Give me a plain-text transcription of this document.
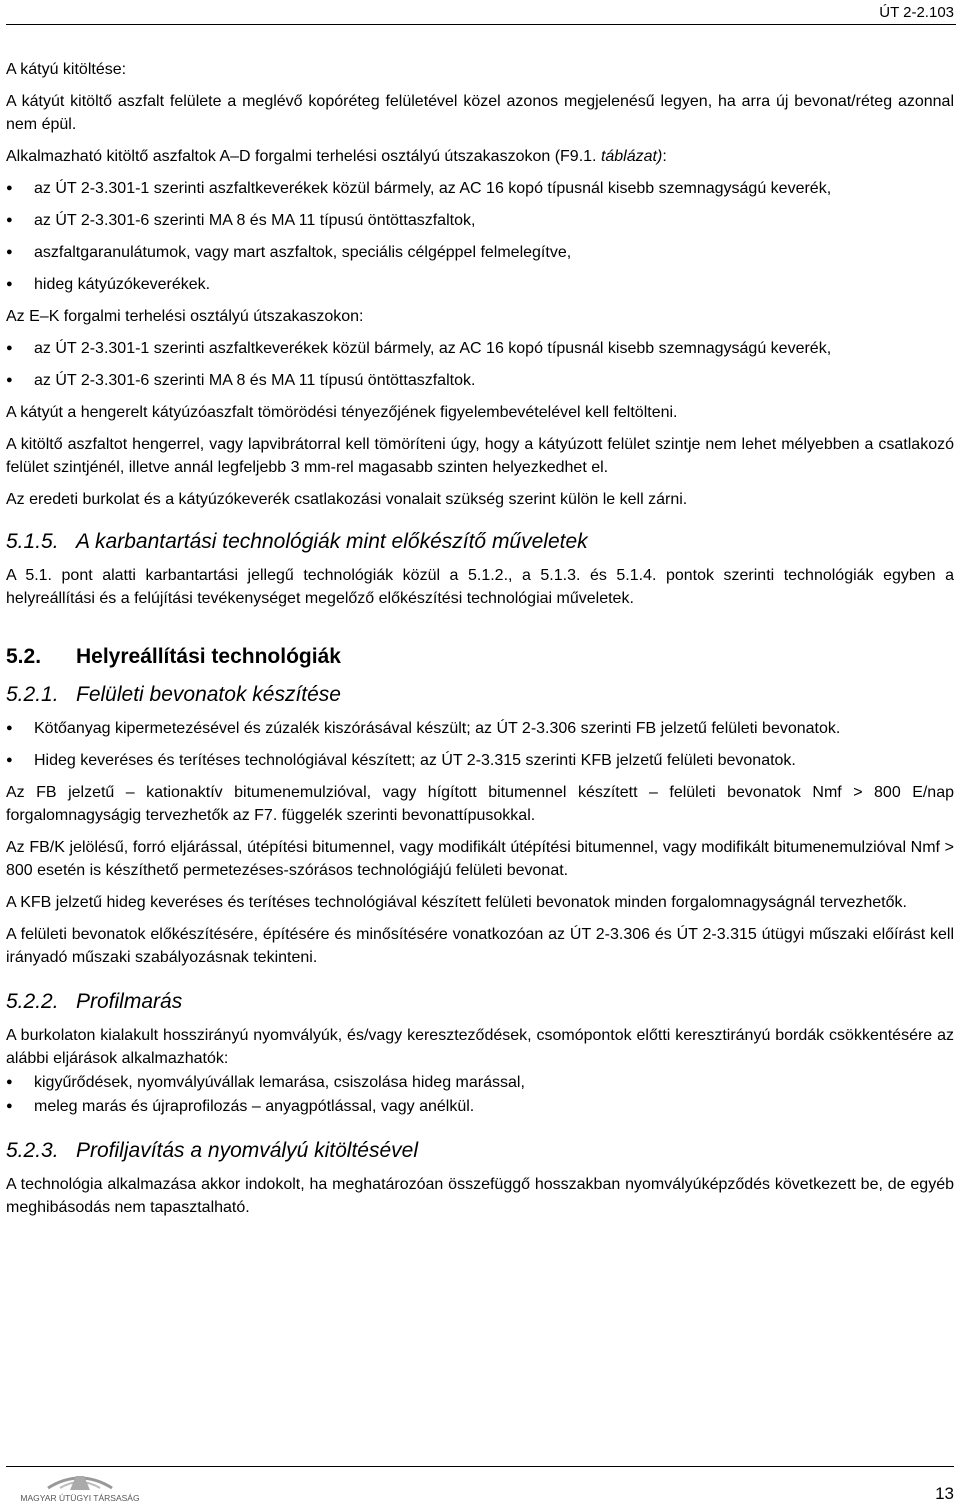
ÚT 2-2.103

A kátyú kitöltése:

A kátyút kitöltő aszfalt felülete a meglévő kopóréteg felületével közel azonos megjelenésű legyen, ha arra új bevonat/réteg azonnal nem épül.

Alkalmazható kitöltő aszfaltok A–D forgalmi terhelési osztályú útszakaszokon (F9.1. táblázat):

● az ÚT 2-3.301-1 szerinti aszfaltkeverékek közül bármely, az AC 16 kopó típusnál kisebb szemnagyságú keverék,
● az ÚT 2-3.301-6 szerinti MA 8 és MA 11 típusú öntöttaszfaltok,
● aszfaltgaranulátumok, vagy mart aszfaltok, speciális célgéppel felmelegítve,
● hideg kátyúzókeverékek.

Az E–K forgalmi terhelési osztályú útszakaszokon:

● az ÚT 2-3.301-1 szerinti aszfaltkeverékek közül bármely, az AC 16 kopó típusnál kisebb szemnagyságú keverék,
● az ÚT 2-3.301-6 szerinti MA 8 és MA 11 típusú öntöttaszfaltok.

A kátyút a hengerelt kátyúzóaszfalt tömörödési tényezőjének figyelembevételével kell feltölteni.

A kitöltő aszfaltot hengerrel, vagy lapvibrátorral kell tömöríteni úgy, hogy a kátyúzott felület szintje nem lehet mélyebben a csatlakozó felület szintjénél, illetve annál legfeljebb 3 mm-rel magasabb szinten helyezkedhet el.

Az eredeti burkolat és a kátyúzókeverék csatlakozási vonalait szükség szerint külön le kell zárni.

5.1.5. A karbantartási technológiák mint előkészítő műveletek

A 5.1. pont alatti karbantartási jellegű technológiák közül a 5.1.2., a 5.1.3. és 5.1.4. pontok szerinti technológiák egyben a helyreállítási és a felújítási tevékenységet megelőző előkészítési technológiai műveletek.

5.2. Helyreállítási technológiák

5.2.1. Felületi bevonatok készítése

● Kötőanyag kipermetezésével és zúzalék kiszórásával készült; az ÚT 2-3.306 szerinti FB jelzetű felületi bevonatok.
● Hideg keveréses és terítéses technológiával készített; az ÚT 2-3.315 szerinti KFB jelzetű felületi bevonatok.

Az FB jelzetű – kationaktív bitumenemulzióval, vagy hígított bitumennel készített – felületi bevonatok Nmf > 800 E/nap forgalomnagyságig tervezhetők az F7. függelék szerinti bevonattípusokkal.

Az FB/K jelölésű, forró eljárással, útépítési bitumennel, vagy modifikált útépítési bitumennel, vagy modifikált bitumenemulzióval Nmf > 800 esetén is készíthető permetezéses-szórásos technológiájú felületi bevonat.

A KFB jelzetű hideg keveréses és terítéses technológiával készített felületi bevonatok minden forgalomnagyságnál tervezhetők.

A felületi bevonatok előkészítésére, építésére és minősítésére vonatkozóan az ÚT 2-3.306 és ÚT 2-3.315 útügyi műszaki előírást kell irányadó műszaki szabályozásnak tekinteni.

5.2.2. Profilmarás

A burkolaton kialakult hosszirányú nyomvályúk, és/vagy kereszteződések, csomópontok előtti keresztirányú bordák csökkentésére az alábbi eljárások alkalmazhatók:

● kigyűrődések, nyomvályúvállak lemarása, csiszolása hideg marással,
● meleg marás és újraprofilozás – anyagpótlással, vagy anélkül.

5.2.3. Profiljavítás a nyomvályú kitöltésével

A technológia alkalmazása akkor indokolt, ha meghatározóan összefüggő hosszakban nyomvályúképződés következett be, de egyéb meghibásodás nem tapasztalható.

MAGYAR ÚTÜGYI TÁRSASÁG	13
